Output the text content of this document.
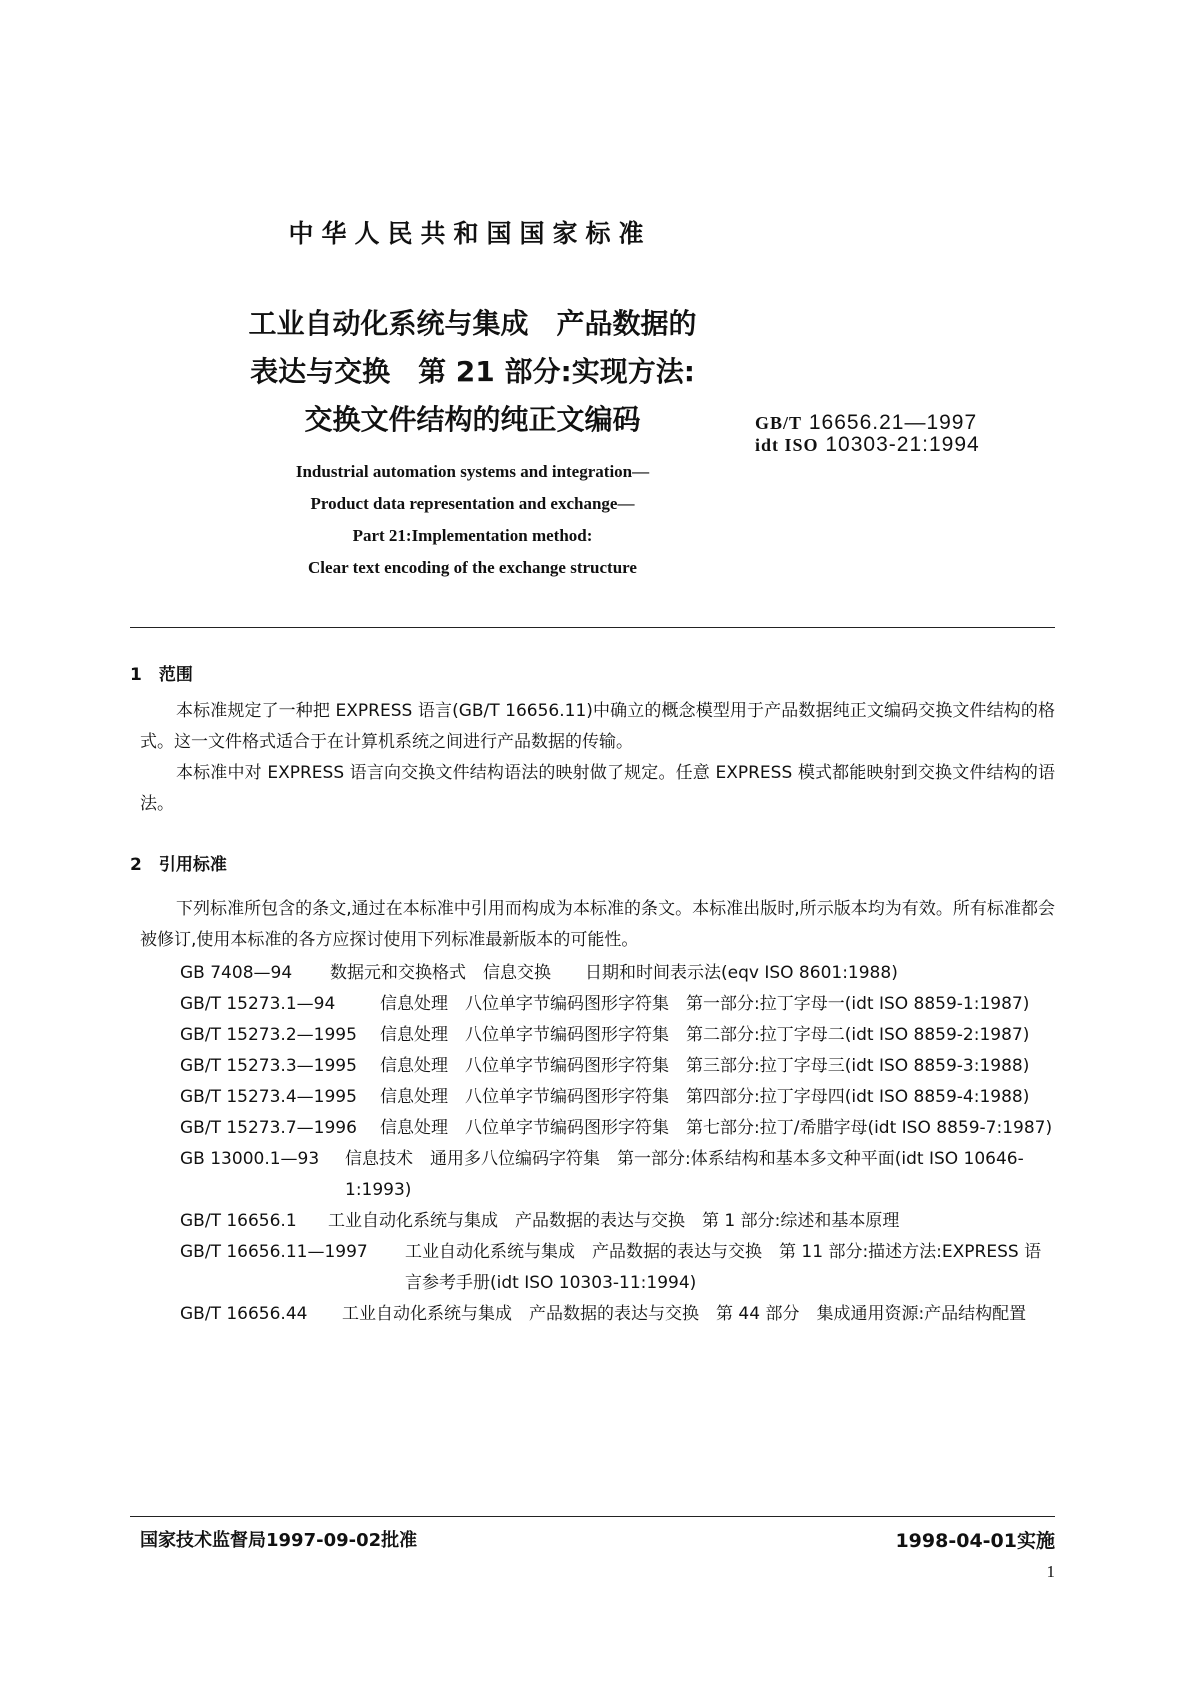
中华人民共和国国家标准
工业自动化系统与集成　产品数据的
表达与交换　第 21 部分:实现方法:
交换文件结构的纯正文编码	GB/T 16656.21—1997
idt ISO 10303-21:1994
Industrial automation systems and integration—
Product data representation and exchange—
Part 21:Implementation method:
Clear text encoding of the exchange structure
1　范围

本标准规定了一种把 EXPRESS 语言(GB/T 16656.11)中确立的概念模型用于产品数据纯正文编码交换文件结构的格式。这一文件格式适合于在计算机系统之间进行产品数据的传输。

本标准中对 EXPRESS 语言向交换文件结构语法的映射做了规定。任意 EXPRESS 模式都能映射到交换文件结构的语法。

2　引用标准

下列标准所包含的条文,通过在本标准中引用而构成为本标准的条文。本标准出版时,所示版本均为有效。所有标准都会被修订,使用本标准的各方应探讨使用下列标准最新版本的可能性。

GB 7408—94	数据元和交换格式　信息交换　　日期和时间表示法(eqv ISO 8601:1988)
GB/T 15273.1—94	信息处理　八位单字节编码图形字符集　第一部分:拉丁字母一(idt ISO 8859-1:1987)
GB/T 15273.2—1995	信息处理　八位单字节编码图形字符集　第二部分:拉丁字母二(idt ISO 8859-2:1987)
GB/T 15273.3—1995	信息处理　八位单字节编码图形字符集　第三部分:拉丁字母三(idt ISO 8859-3:1988)
GB/T 15273.4—1995	信息处理　八位单字节编码图形字符集　第四部分:拉丁字母四(idt ISO 8859-4:1988)
GB/T 15273.7—1996	信息处理　八位单字节编码图形字符集　第七部分:拉丁/希腊字母(idt ISO 8859-7:1987)
GB 13000.1—93	信息技术　通用多八位编码字符集　第一部分:体系结构和基本多文种平面(idt ISO 10646-1:1993)
GB/T 16656.1	工业自动化系统与集成　产品数据的表达与交换　第 1 部分:综述和基本原理
GB/T 16656.11—1997	工业自动化系统与集成　产品数据的表达与交换　第 11 部分:描述方法:EXPRESS 语言参考手册(idt ISO 10303-11:1994)
GB/T 16656.44	工业自动化系统与集成　产品数据的表达与交换　第 44 部分　集成通用资源:产品结构配置
国家技术监督局1997-09-02批准	1998-04-01实施
1
